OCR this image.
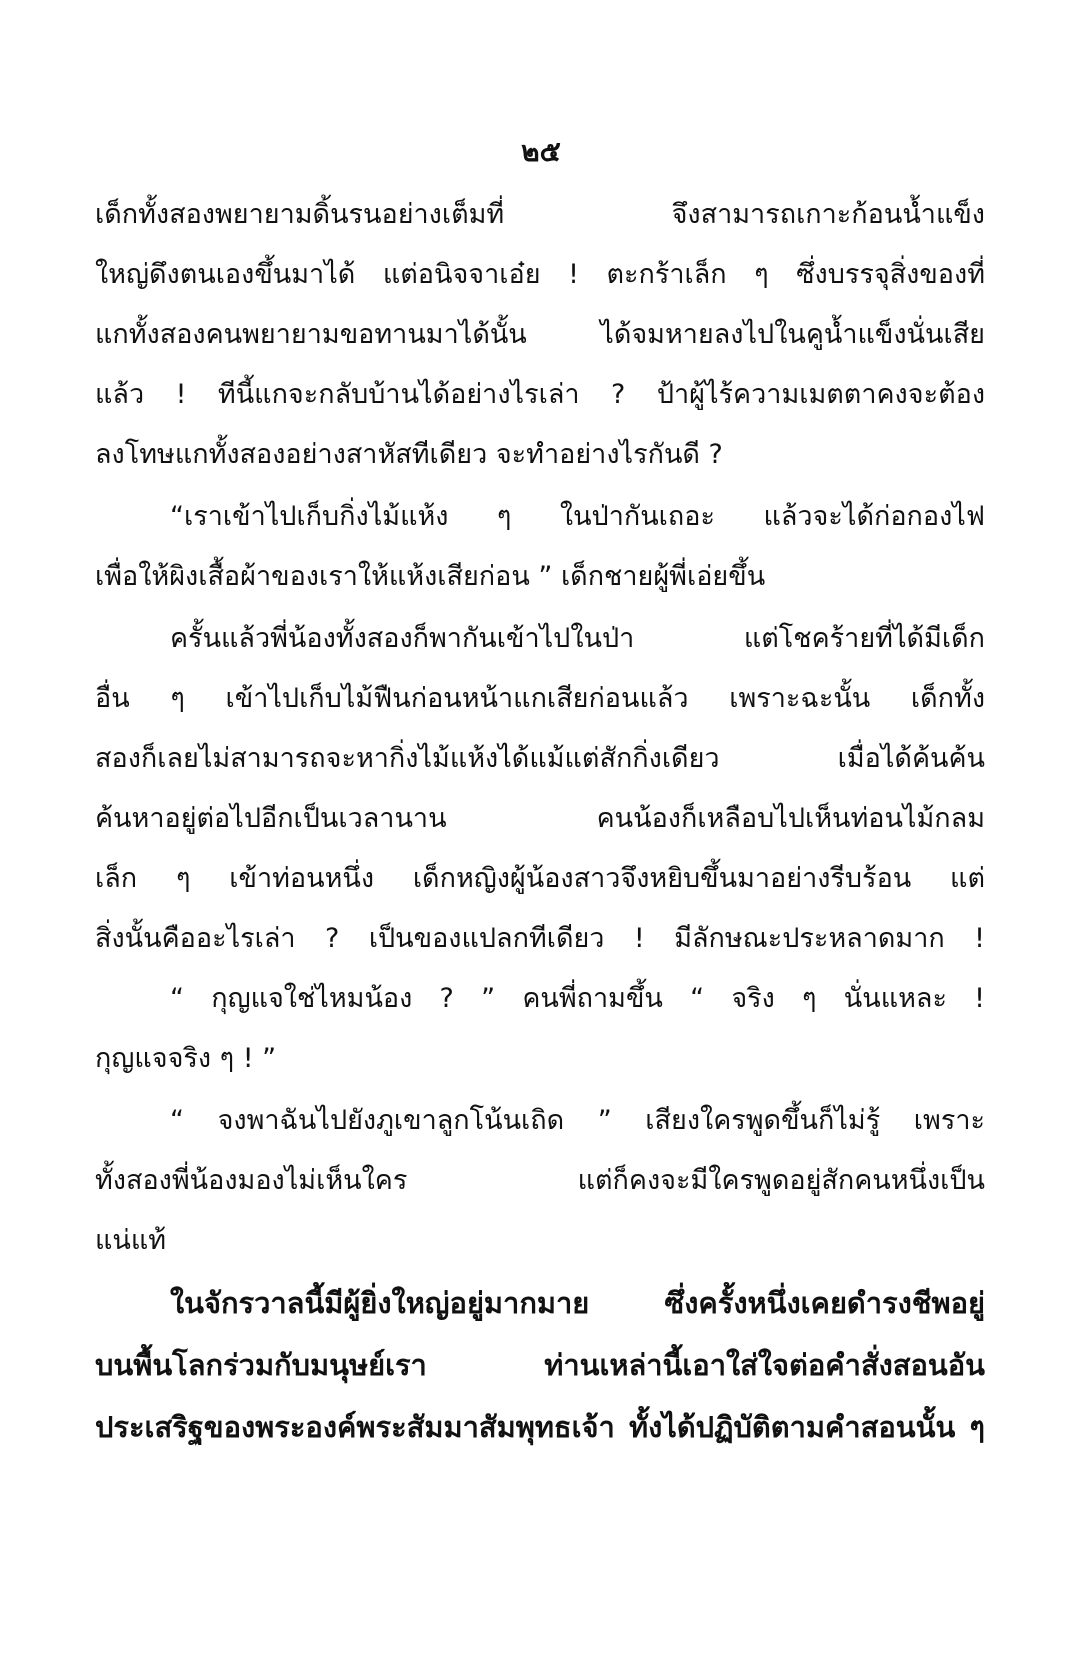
๒๕
เด็กทั้งสองพยายามดิ้นรนอย่างเต็มที่ จึงสามารถเกาะก้อนน้ำแข็ง
ใหญ่ดึงตนเองขึ้นมาได้ แต่อนิจจาเอ๋ย ! ตะกร้าเล็ก ๆ ซึ่งบรรจุสิ่งของที่
แกทั้งสองคนพยายามขอทานมาได้นั้น ได้จมหายลงไปในคูน้ำแข็งนั่นเสีย
แล้ว ! ทีนี้แกจะกลับบ้านได้อย่างไรเล่า ? ป้าผู้ไร้ความเมตตาคงจะต้อง
ลงโทษแกทั้งสองอย่างสาหัสทีเดียว จะทำอย่างไรกันดี ?
“เราเข้าไปเก็บกิ่งไม้แห้ง ๆ ในป่ากันเถอะ แล้วจะได้ก่อกองไฟ
เพื่อให้ผิงเสื้อผ้าของเราให้แห้งเสียก่อน ” เด็กชายผู้พี่เอ่ยขึ้น
ครั้นแล้วพี่น้องทั้งสองก็พากันเข้าไปในป่า แต่โชคร้ายที่ได้มีเด็ก
อื่น ๆ เข้าไปเก็บไม้ฟืนก่อนหน้าแกเสียก่อนแล้ว เพราะฉะนั้น เด็กทั้ง
สองก็เลยไม่สามารถจะหากิ่งไม้แห้งได้แม้แต่สักกิ่งเดียว เมื่อได้ค้นค้น
ค้นหาอยู่ต่อไปอีกเป็นเวลานาน คนน้องก็เหลือบไปเห็นท่อนไม้กลม
เล็ก ๆ เข้าท่อนหนึ่ง เด็กหญิงผู้น้องสาวจึงหยิบขึ้นมาอย่างรีบร้อน แต่
สิ่งนั้นคืออะไรเล่า ? เป็นของแปลกทีเดียว ! มีลักษณะประหลาดมาก !
“ กุญแจใช่ไหมน้อง ? ” คนพี่ถามขึ้น “ จริง ๆ นั่นแหละ !
กุญแจจริง ๆ ! ”
“ จงพาฉันไปยังภูเขาลูกโน้นเถิด ” เสียงใครพูดขึ้นก็ไม่รู้ เพราะ
ทั้งสองพี่น้องมองไม่เห็นใคร แต่ก็คงจะมีใครพูดอยู่สักคนหนึ่งเป็น
แน่แท้
ในจักรวาลนี้มีผู้ยิ่งใหญ่อยู่มากมาย ซึ่งครั้งหนึ่งเคยดำรงชีพอยู่
บนพื้นโลกร่วมกับมนุษย์เรา ท่านเหล่านี้เอาใส่ใจต่อคำสั่งสอนอัน
ประเสริฐของพระองค์พระสัมมาสัมพุทธเจ้า ทั้งได้ปฏิบัติตามคำสอนนั้น ๆ
